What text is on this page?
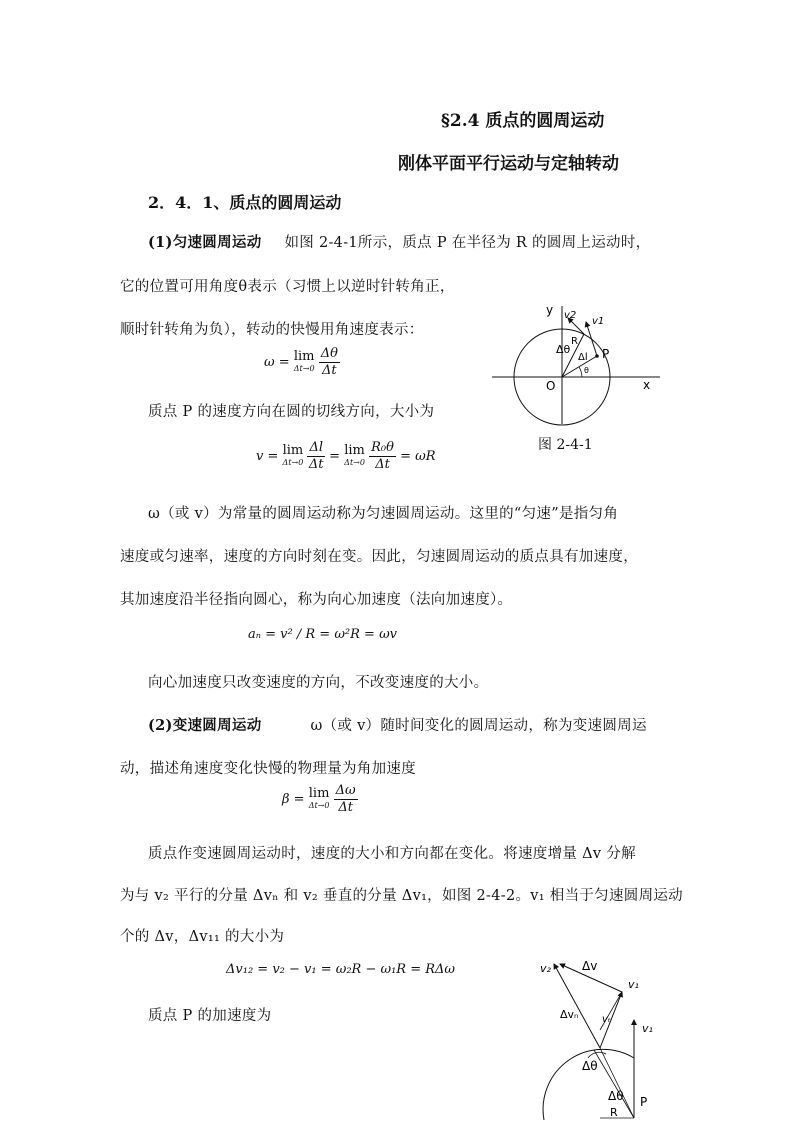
§2.4 质点的圆周运动
刚体平面平行运动与定轴转动
2．4．1、质点的圆周运动
(1)匀速圆周运动 如图 2-4-1所示，质点 P 在半径为 R 的圆周上运动时，
它的位置可用角度θ表示（习惯上以逆时针转角正，
顺时针转角为负），转动的快慢用角速度表示：
ω = lim
Δt→0
$\frac{\Delta\theta}{\Delta t}$
质点 P 的速度方向在圆的切线方向，大小为
v = lim
Δt→0
$\frac{\Delta l}{\Delta t} = \lim$
Δt→0
$\frac{\text{R₀θ}}{\Delta t} = \omega R$
y
x
O
P
R
v2
v1
Δθ
Δl
θ
图 2-4-1
ω（或 v）为常量的圆周运动称为匀速圆周运动。这里的“匀速”是指匀角
速度或匀速率，速度的方向时刻在变。因此，匀速圆周运动的质点具有加速度，
其加速度沿半径指向圆心，称为向心加速度（法向加速度）。
aₙ = v² / R = ω²R = ωv
向心加速度只改变速度的方向，不改变速度的大小。
(2)变速圆周运动	ω（或 v）随时间变化的圆周运动，称为变速圆周运
动，描述角速度变化快慢的物理量为角加速度
β = lim
Δt→0
$\frac{\Delta\omega}{\Delta t}$
质点作变速圆周运动时，速度的大小和方向都在变化。将速度增量 Δv 分解
为与 v₂ 平行的分量 Δvₙ 和 v₂ 垂直的分量 Δv₁，如图 2-4-2。v₁ 相当于匀速圆周运动
个的 Δv，Δv₁₁ 的大小为
Δv₁₂ = v₂ − v₁ = ω₂R − ω₁R = RΔω
质点 P 的加速度为
v₂	Δv
v₁
Δvₙ vₜ
v₁
Δθ
Δθ
R
P
